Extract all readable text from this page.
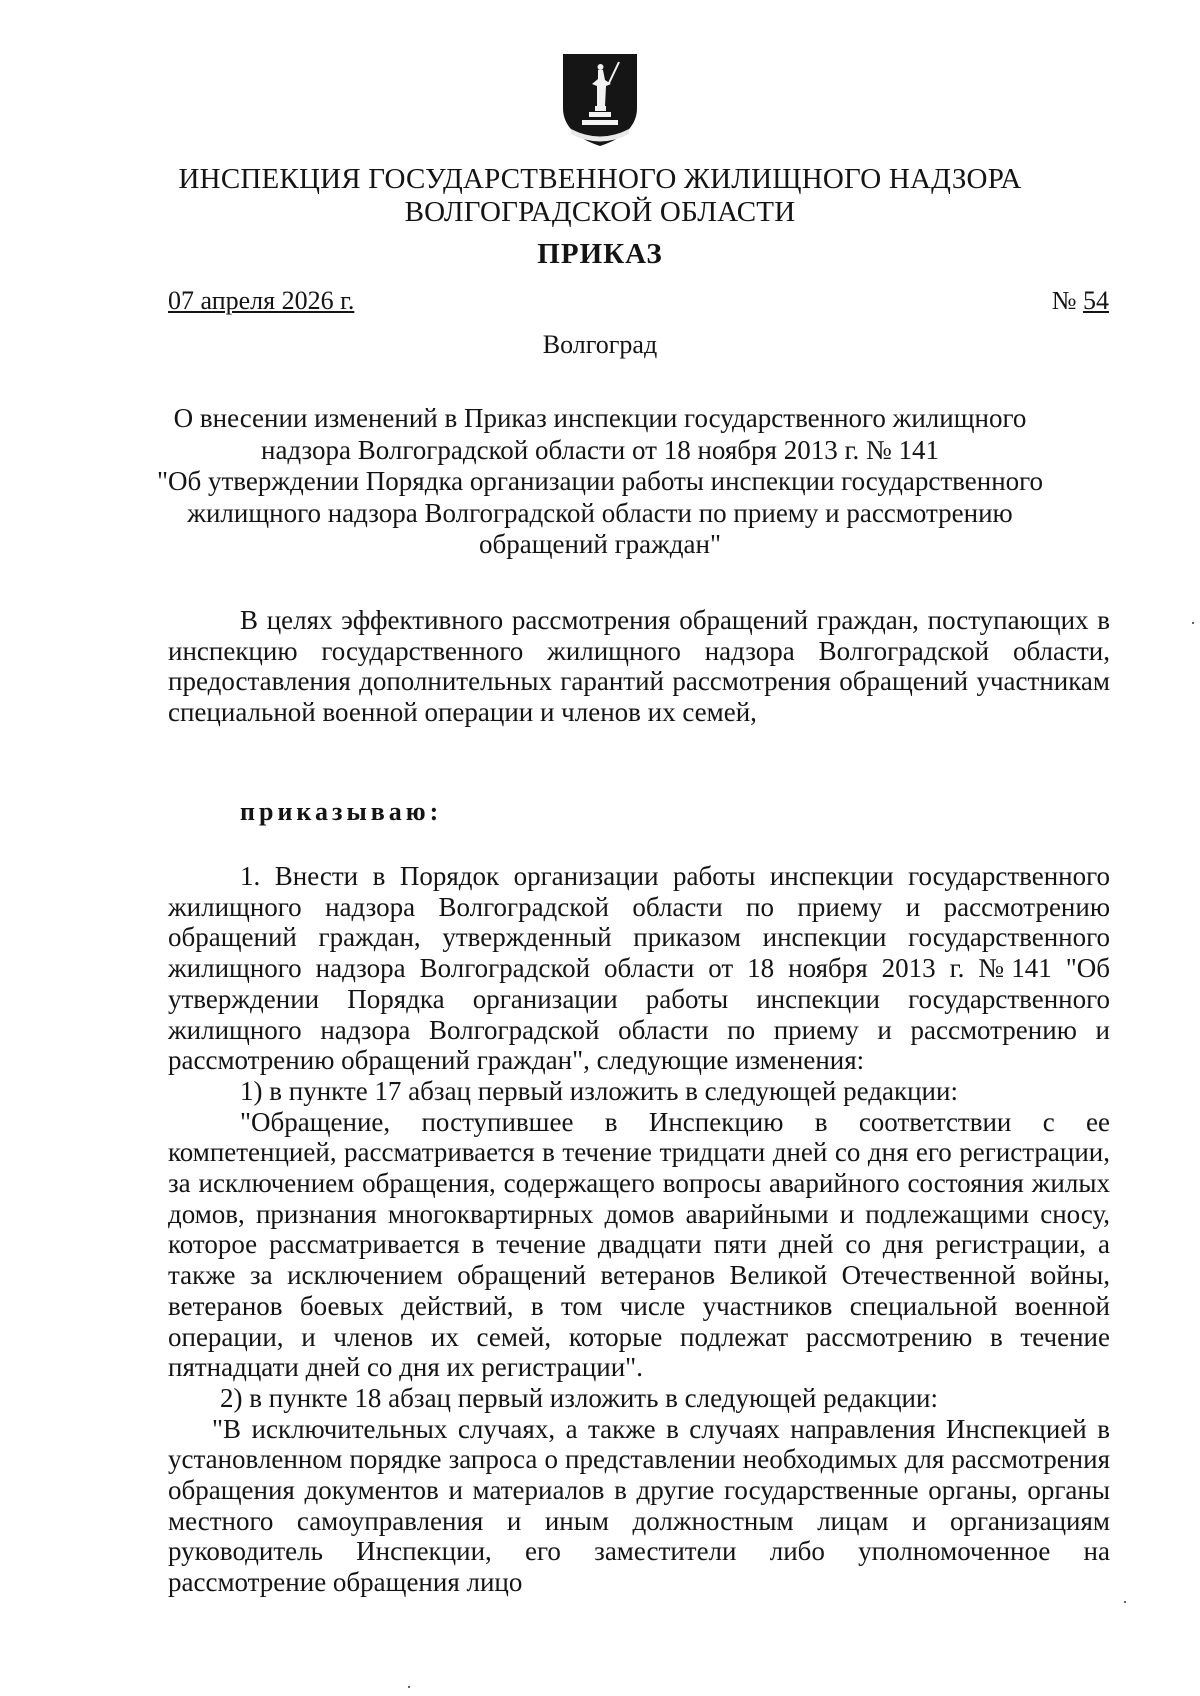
ИНСПЕКЦИЯ ГОСУДАРСТВЕННОГО ЖИЛИЩНОГО НАДЗОРА
ВОЛГОГРАДСКОЙ ОБЛАСТИ
ПРИКАЗ
07 апреля 2026 г.	№ 54
Волгоград
О внесении изменений в Приказ инспекции государственного жилищного
надзора Волгоградской области от 18 ноября 2013 г. № 141
"Об утверждении Порядка организации работы инспекции государственного
жилищного надзора Волгоградской области по приему и рассмотрению
обращений граждан"

В целях эффективного рассмотрения обращений граждан, поступающих в инспекцию государственного жилищного надзора Волгоградской области, предоставления дополнительных гарантий рассмотрения обращений участникам специальной военной операции и членов их семей,

приказываю:

1. Внести в Порядок организации работы инспекции государственного жилищного надзора Волгоградской области по приему и рассмотрению обращений граждан, утвержденный приказом инспекции государственного жилищного надзора Волгоградской области от 18 ноября 2013 г. №141 "Об утверждении Порядка организации работы инспекции государственного жилищного надзора Волгоградской области по приему и рассмотрению и рассмотрению обращений граждан", следующие изменения:

1) в пункте 17 абзац первый изложить в следующей редакции:

"Обращение, поступившее в Инспекцию в соответствии с ее компетенцией, рассматривается в течение тридцати дней со дня его регистрации, за исключением обращения, содержащего вопросы аварийного состояния жилых домов, признания многоквартирных домов аварийными и подлежащими сносу, которое рассматривается в течение двадцати пяти дней со дня регистрации, а также за исключением обращений ветеранов Великой Отечественной войны, ветеранов боевых действий, в том числе участников специальной военной операции, и членов их семей, которые подлежат рассмотрению в течение пятнадцати дней со дня их регистрации".

2) в пункте 18 абзац первый изложить в следующей редакции:

"В исключительных случаях, а также в случаях направления Инспекцией в установленном порядке запроса о представлении необходимых для рассмотрения обращения документов и материалов в другие государственные органы, органы местного самоуправления и иным должностным лицам и организациям руководитель Инспекции, его заместители либо уполномоченное на рассмотрение обращения лицо
